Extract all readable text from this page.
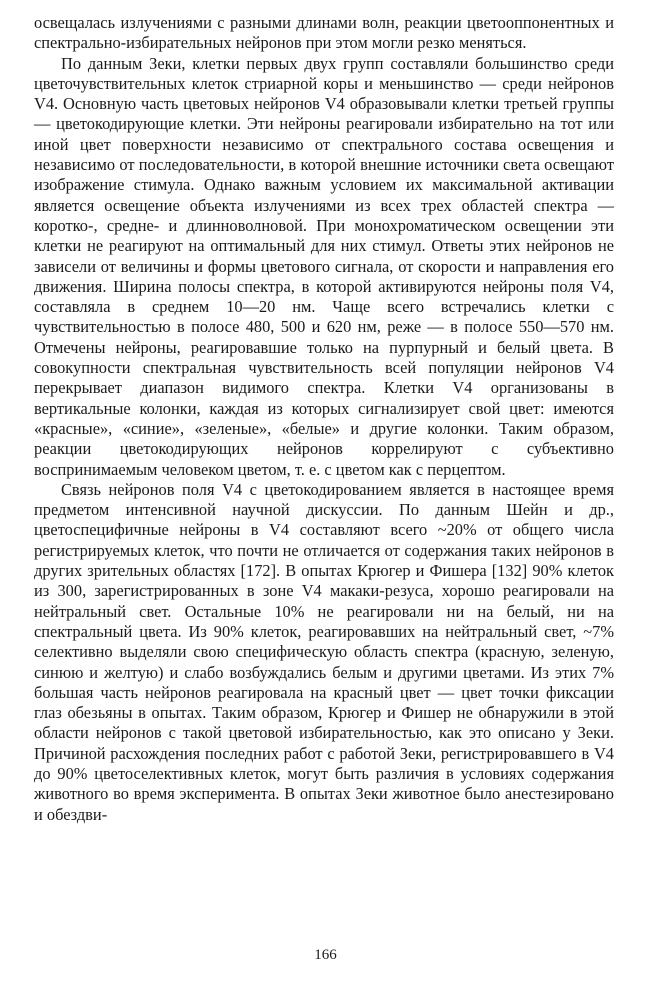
освещалась излучениями с разными длинами волн, реакции цветооппонентных и спектрально-избирательных нейронов при этом могли резко меняться.

По данным Зеки, клетки первых двух групп составляли большинство среди цветочувствительных клеток стриарной коры и меньшинство — среди нейронов V4. Основную часть цветовых нейронов V4 образовывали клетки третьей группы — цветокодирующие клетки. Эти нейроны реагировали избирательно на тот или иной цвет поверхности независимо от спектрального состава освещения и независимо от последовательности, в которой внешние источники света освещают изображение стимула. Однако важным условием их максимальной активации является освещение объекта излучениями из всех трех областей спектра — коротко-, средне- и длинноволновой. При монохроматическом освещении эти клетки не реагируют на оптимальный для них стимул. Ответы этих нейронов не зависели от величины и формы цветового сигнала, от скорости и направления его движения. Ширина полосы спектра, в которой активируются нейроны поля V4, составляла в среднем 10—20 нм. Чаще всего встречались клетки с чувствительностью в полосе 480, 500 и 620 нм, реже — в полосе 550—570 нм. Отмечены нейроны, реагировавшие только на пурпурный и белый цвета. В совокупности спектральная чувствительность всей популяции нейронов V4 перекрывает диапазон видимого спектра. Клетки V4 организованы в вертикальные колонки, каждая из которых сигнализирует свой цвет: имеются «красные», «синие», «зеленые», «белые» и другие колонки. Таким образом, реакции цветокодирующих нейронов коррелируют с субъективно воспринимаемым человеком цветом, т. е. с цветом как с перцептом.

Связь нейронов поля V4 с цветокодированием является в настоящее время предметом интенсивной научной дискуссии. По данным Шейн и др., цветоспецифичные нейроны в V4 составляют всего ~20% от общего числа регистрируемых клеток, что почти не отличается от содержания таких нейронов в других зрительных областях [172]. В опытах Крюгер и Фишера [132] 90% клеток из 300, зарегистрированных в зоне V4 макаки-резуса, хорошо реагировали на нейтральный свет. Остальные 10% не реагировали ни на белый, ни на спектральный цвета. Из 90% клеток, реагировавших на нейтральный свет, ~7% селективно выделяли свою специфическую область спектра (красную, зеленую, синюю и желтую) и слабо возбуждались белым и другими цветами. Из этих 7% большая часть нейронов реагировала на красный цвет — цвет точки фиксации глаз обезьяны в опытах. Таким образом, Крюгер и Фишер не обнаружили в этой области нейронов с такой цветовой избирательностью, как это описано у Зеки. Причиной расхождения последних работ с работой Зеки, регистрировавшего в V4 до 90% цветоселективных клеток, могут быть различия в условиях содержания животного во время эксперимента. В опытах Зеки животное было анестезировано и обездви-

166
